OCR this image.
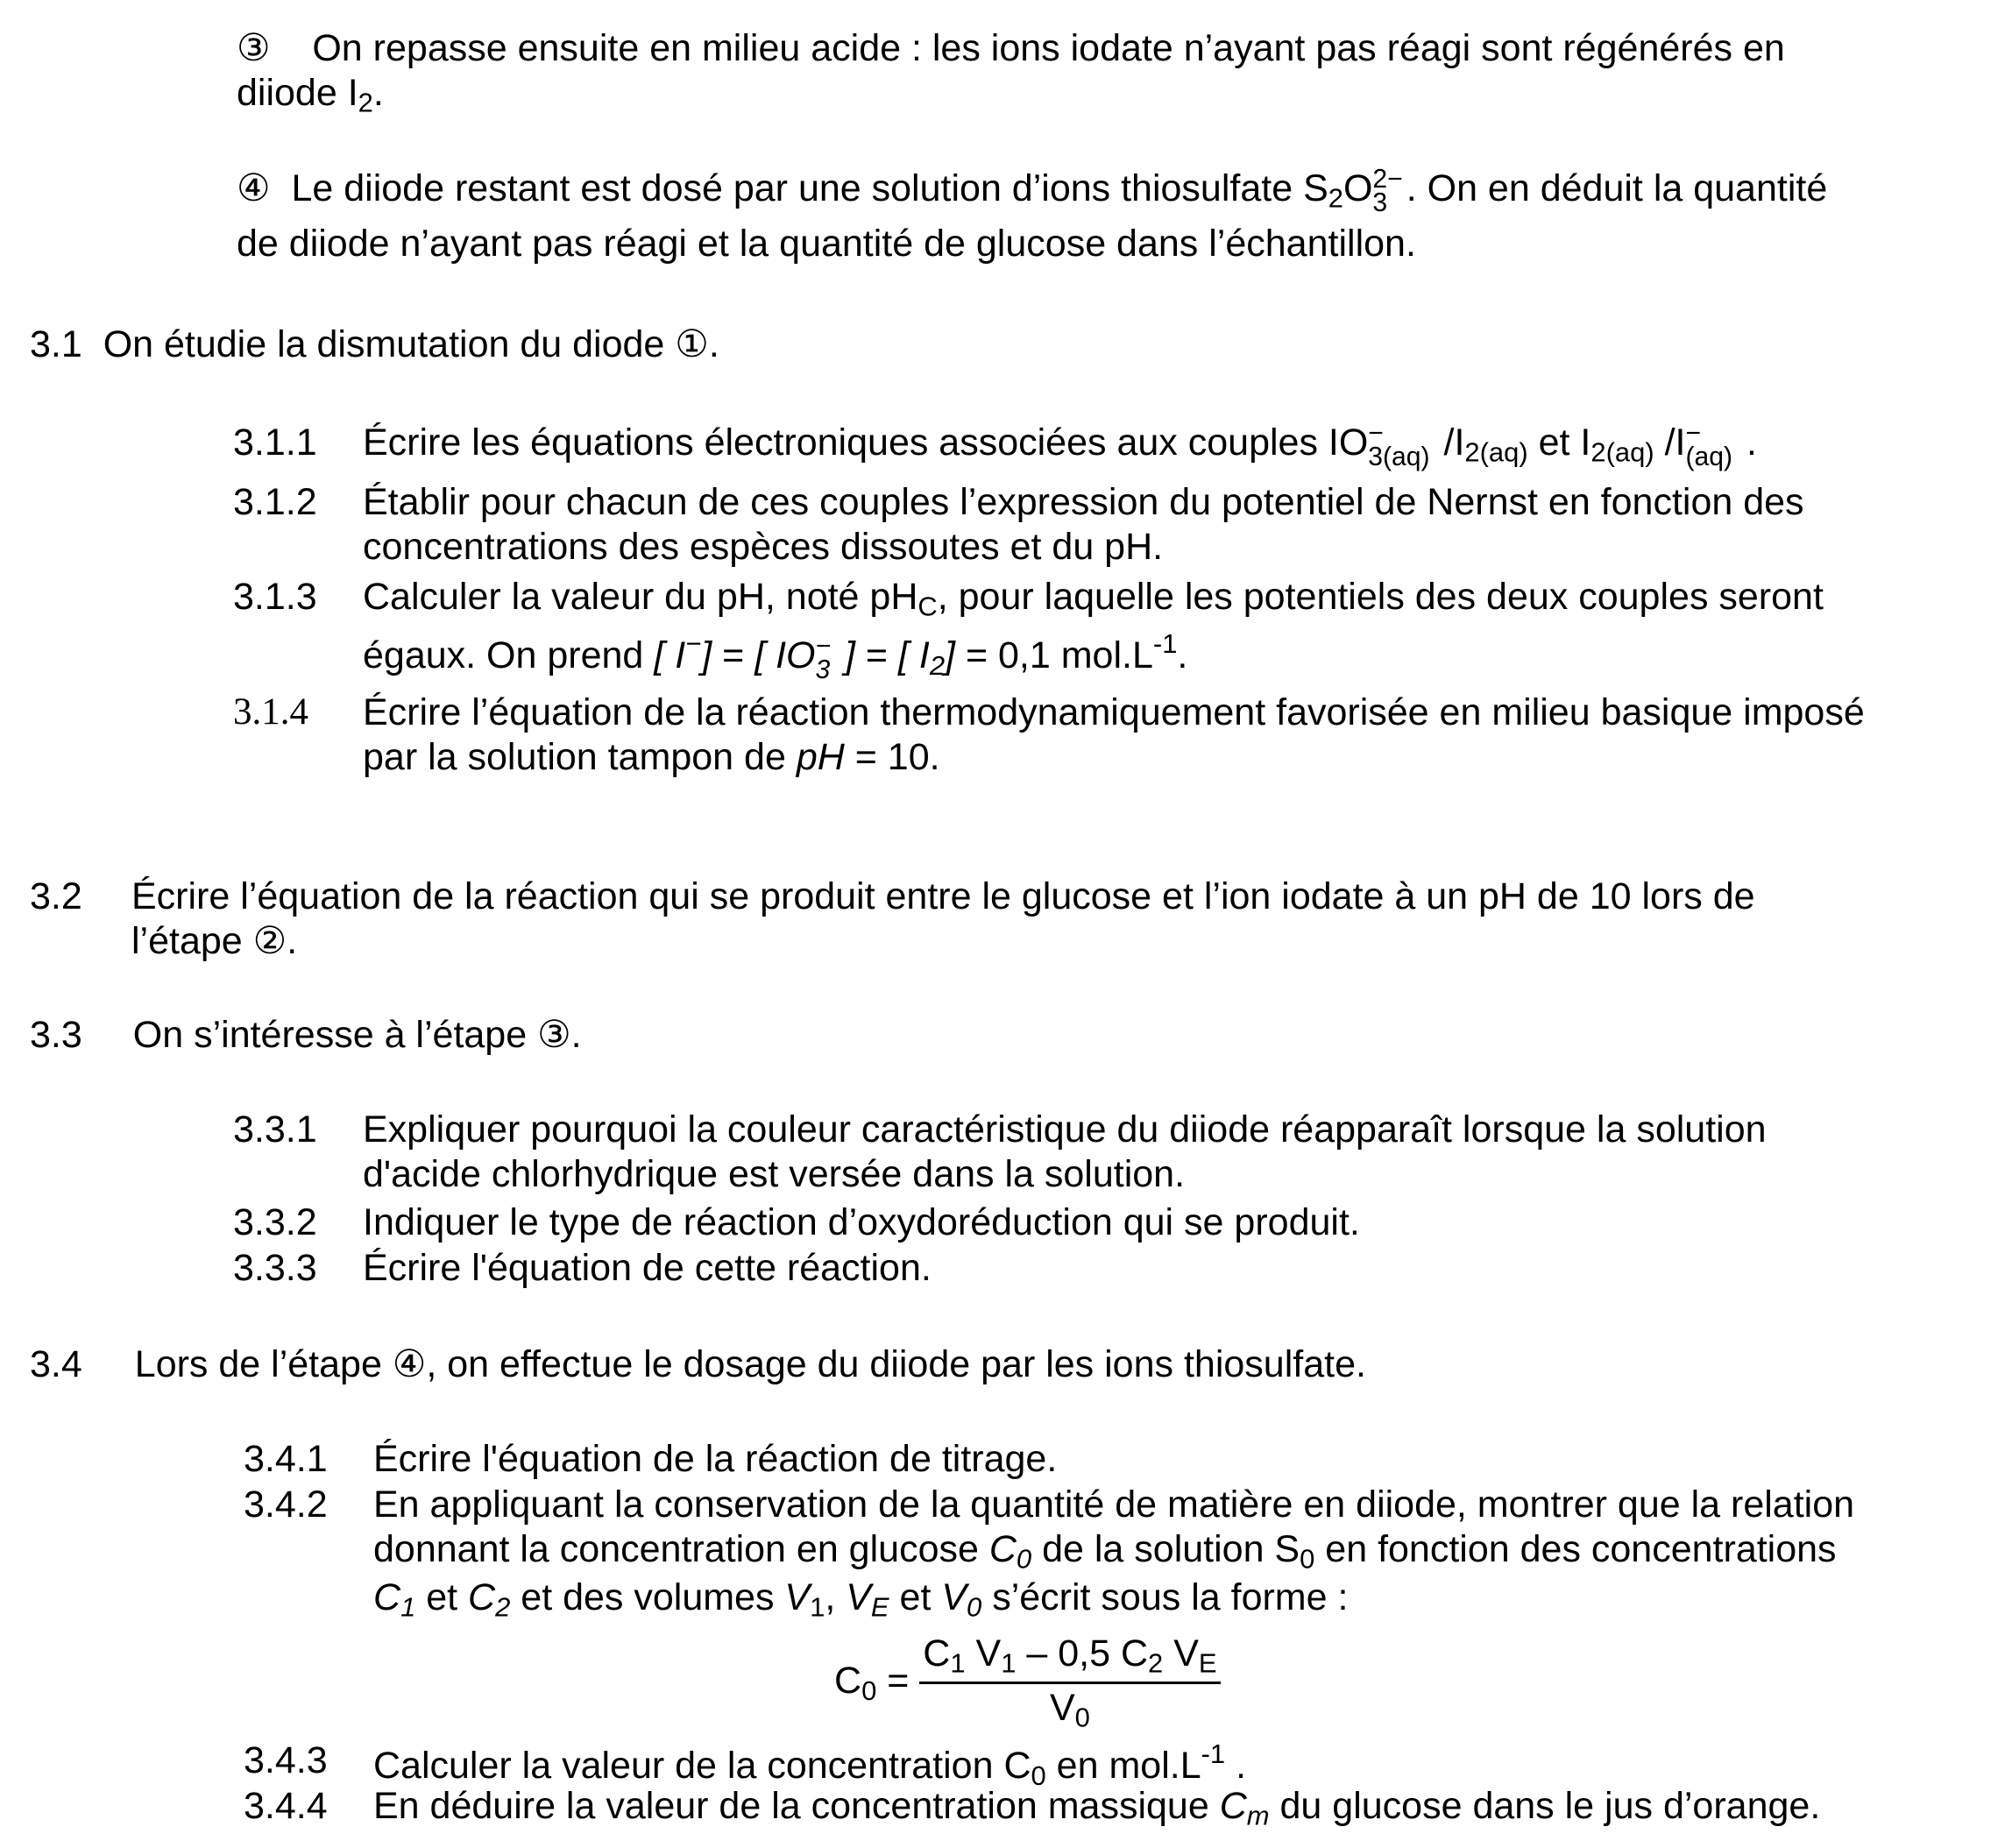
③ On repasse ensuite en milieu acide : les ions iodate n’ayant pas réagi sont régénérés en
diiode $I_2$.
④ Le diiode restant est dosé par une solution d’ions thiosulfate $S_2O$ 2−
3 . On en déduit la quantité
de diiode n’ayant pas réagi et la quantité de glucose dans l’échantillon.
3.1 On étudie la dismutation du diode ①.
3.1.1 Écrire les équations électroniques associées aux couples IO −
3(aq) $/I_{2(aq)}$ et $I_{2(aq)}$ /I −
(aq) .
3.1.2 Établir pour chacun de ces couples l’expression du potentiel de Nernst en fonction des
concentrations des espèces dissoutes et du pH.
3.1.3 Calculer la valeur du pH, noté $pH_C$, pour laquelle les potentiels des deux couples seront
égaux. On prend [ I−] = [ IO −
3 ] = [ $I_2] = 0,1$ $mol.L^{-1}$.
3.1.4 Écrire l’équation de la réaction thermodynamiquement favorisée en milieu basique imposé
par la solution tampon de pH = 10.
3.2 Écrire l’équation de la réaction qui se produit entre le glucose et l’ion iodate à un pH de 10 lors de
l’étape ②.
3.3 On s’intéresse à l’étape ③.
3.3.1 Expliquer pourquoi la couleur caractéristique du diiode réapparaît lorsque la solution
d'acide chlorhydrique est versée dans la solution.
3.3.2 Indiquer le type de réaction d’oxydoréduction qui se produit.
3.3.3 Écrire l'équation de cette réaction.
3.4 Lors de l’étape ④, on effectue le dosage du diiode par les ions thiosulfate.
3.4.1 Écrire l'équation de la réaction de titrage.
3.4.2 En appliquant la conservation de la quantité de matière en diiode, montrer que la relation
donnant la concentration en glucose $C_0$ de la solution $S_0$ en fonction des concentrations
$C_1$ et $C_2$ et des volumes $V_1$, $V_E$ et $V_0$ s’écrit sous la forme :
$C_0 = \frac{C_1 V_1 - 0,5 C_2 V_E}{V_0}$
3.4.3 Calculer la valeur de la concentration $C_0$ en $mol.L^{-1}$ .
3.4.4 En déduire la valeur de la concentration massique $C_m$ du glucose dans le jus d’orange.
